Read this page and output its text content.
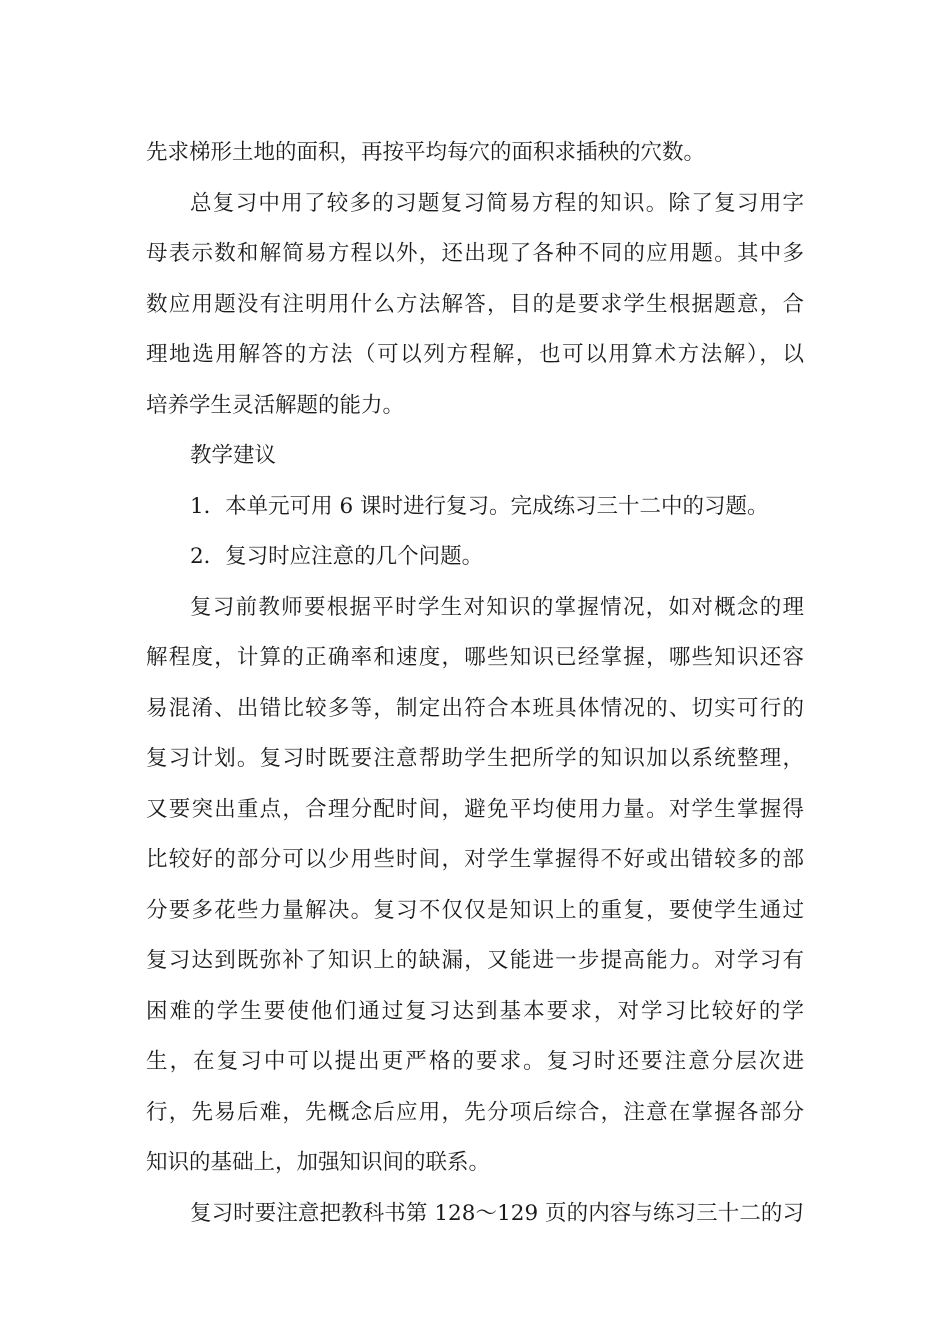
先求梯形土地的面积，再按平均每穴的面积求插秧的穴数。
总复习中用了较多的习题复习简易方程的知识。除了复习用字
母表示数和解简易方程以外，还出现了各种不同的应用题。其中多
数应用题没有注明用什么方法解答，目的是要求学生根据题意，合
理地选用解答的方法（可以列方程解，也可以用算术方法解），以
培养学生灵活解题的能力。
教学建议
1．本单元可用 6 课时进行复习。完成练习三十二中的习题。
2．复习时应注意的几个问题。
复习前教师要根据平时学生对知识的掌握情况，如对概念的理
解程度，计算的正确率和速度，哪些知识已经掌握，哪些知识还容
易混淆、出错比较多等，制定出符合本班具体情况的、切实可行的
复习计划。复习时既要注意帮助学生把所学的知识加以系统整理，
又要突出重点，合理分配时间，避免平均使用力量。对学生掌握得
比较好的部分可以少用些时间，对学生掌握得不好或出错较多的部
分要多花些力量解决。复习不仅仅是知识上的重复，要使学生通过
复习达到既弥补了知识上的缺漏，又能进一步提高能力。对学习有
困难的学生要使他们通过复习达到基本要求，对学习比较好的学
生，在复习中可以提出更严格的要求。复习时还要注意分层次进
行，先易后难，先概念后应用，先分项后综合，注意在掌握各部分
知识的基础上，加强知识间的联系。
复习时要注意把教科书第 128～129 页的内容与练习三十二的习
